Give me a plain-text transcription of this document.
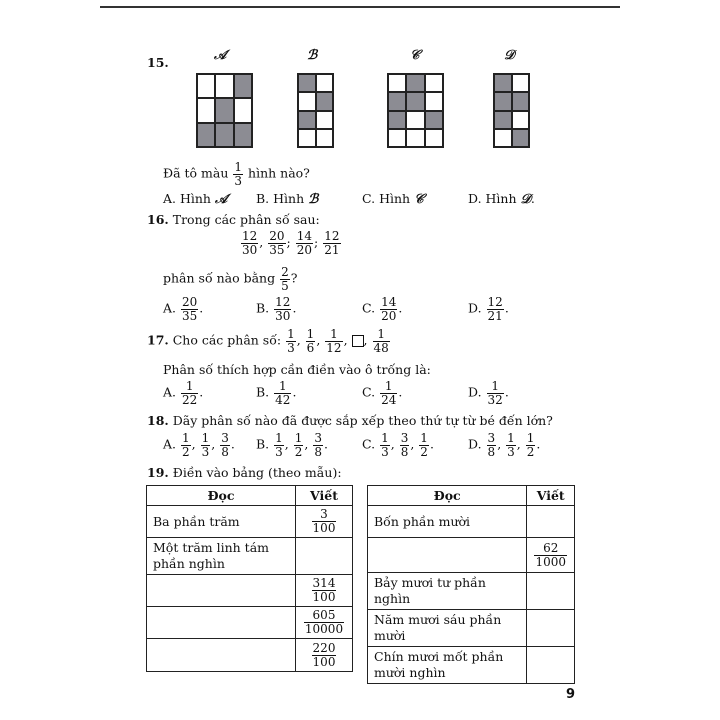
15.	𝒜	ℬ	𝒞	𝒟
Đã tô màu $\frac{1}{3}$ hình nào?
A. Hình 𝒜 B. Hình ℬ	C. Hình 𝒞	D. Hình 𝒟.
16. Trong các phân số sau:
$\frac{12}{30}$ , $\frac{20}{35}$ ; $\frac{14}{20}$ ; $\frac{12}{21}$
phân số nào bằng $\frac{2}{5}$ ?
A. $\frac{20}{35}$ .	B. $\frac{12}{30}$ .	C. $\frac{14}{20}$ .	D. $\frac{12}{21}$ .
17. Cho các phân số: $\frac{1}{3}$ , $\frac{1}{6}$ , $\frac{1}{12}$ , , $\frac{1}{48}$
Phân số thích hợp cần điền vào ô trống là:
A. $\frac{1}{22}$ .	B. $\frac{1}{42}$ .	C. $\frac{1}{24}$ .	D. $\frac{1}{32}$ .
18. Dãy phân số nào đã được sắp xếp theo thứ tự từ bé đến lớn?
A. $\frac{1}{2}$ , $\frac{1}{3}$ , $\frac{3}{8}$ . B. $\frac{1}{3}$ , $\frac{1}{2}$ , $\frac{3}{8}$ .	C. $\frac{1}{3}$ , $\frac{3}{8}$ , $\frac{1}{2}$ .	D. $\frac{3}{8}$ , $\frac{1}{3}$ , $\frac{1}{2}$ .
19. Điền vào bảng (theo mẫu):
Đọc	Viết
Ba phần trăm	$\frac{3}{100}$

Một trăm linh tám phần nghìn	

	$\frac{314}{100}$

	$\frac{605}{10000}$

	$\frac{220}{100}$
Đọc	Viết
Bốn phần mười	

	$\frac{62}{1000}$

Bảy mươi tư phần nghìn	
Năm mươi sáu phần mười	
Chín mươi mốt phần mười nghìn	
9
